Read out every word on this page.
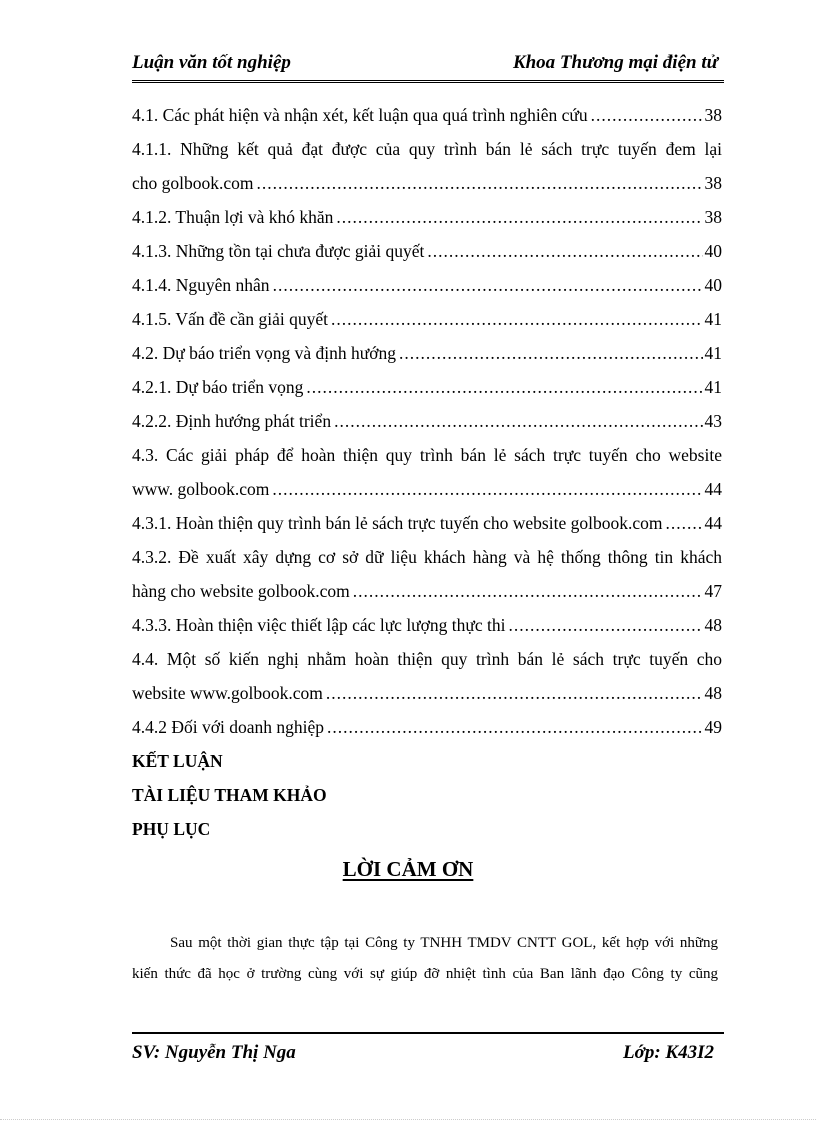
Luận văn tốt nghiệp	Khoa Thương mại điện tử
4.1. Các phát hiện và nhận xét, kết luận qua quá trình nghiên cứu .....	38
4.1.1. Những kết quả đạt được của quy trình bán lẻ sách trực tuyến đem lại
cho golbook.com .....	38
4.1.2. Thuận lợi và khó khăn .....	38
4.1.3. Những tồn tại chưa được giải quyết .....	40
4.1.4. Nguyên nhân .....	40
4.1.5. Vấn đề cần giải quyết .....	41
4.2. Dự báo triển vọng và định hướng .....	41
4.2.1. Dự báo triển vọng .....	41
4.2.2. Định hướng phát triển .....	43
4.3. Các giải pháp để hoàn thiện quy trình bán lẻ sách trực tuyến cho website
www. golbook.com .....	44
4.3.1. Hoàn thiện quy trình bán lẻ sách trực tuyến cho website golbook.com ..... 44
4.3.2. Đề xuất xây dựng cơ sở dữ liệu khách hàng và hệ thống thông tin khách
hàng cho website golbook.com .....	47
4.3.3. Hoàn thiện việc thiết lập các lực lượng thực thi .....	48
4.4. Một số kiến nghị nhằm hoàn thiện quy trình bán lẻ sách trực tuyến cho
website www.golbook.com .....	48
4.4.2 Đối với doanh nghiệp .....	49
KẾT LUẬN
TÀI LIỆU THAM KHẢO
PHỤ LỤC
LỜI CẢM ƠN
Sau một thời gian thực tập tại Công ty TNHH TMDV CNTT GOL, kết hợp với những
kiến thức đã học ở trường cùng với sự giúp đỡ nhiệt tình của Ban lãnh đạo Công ty cũng
SV: Nguyễn Thị Nga	Lớp: K43I2
